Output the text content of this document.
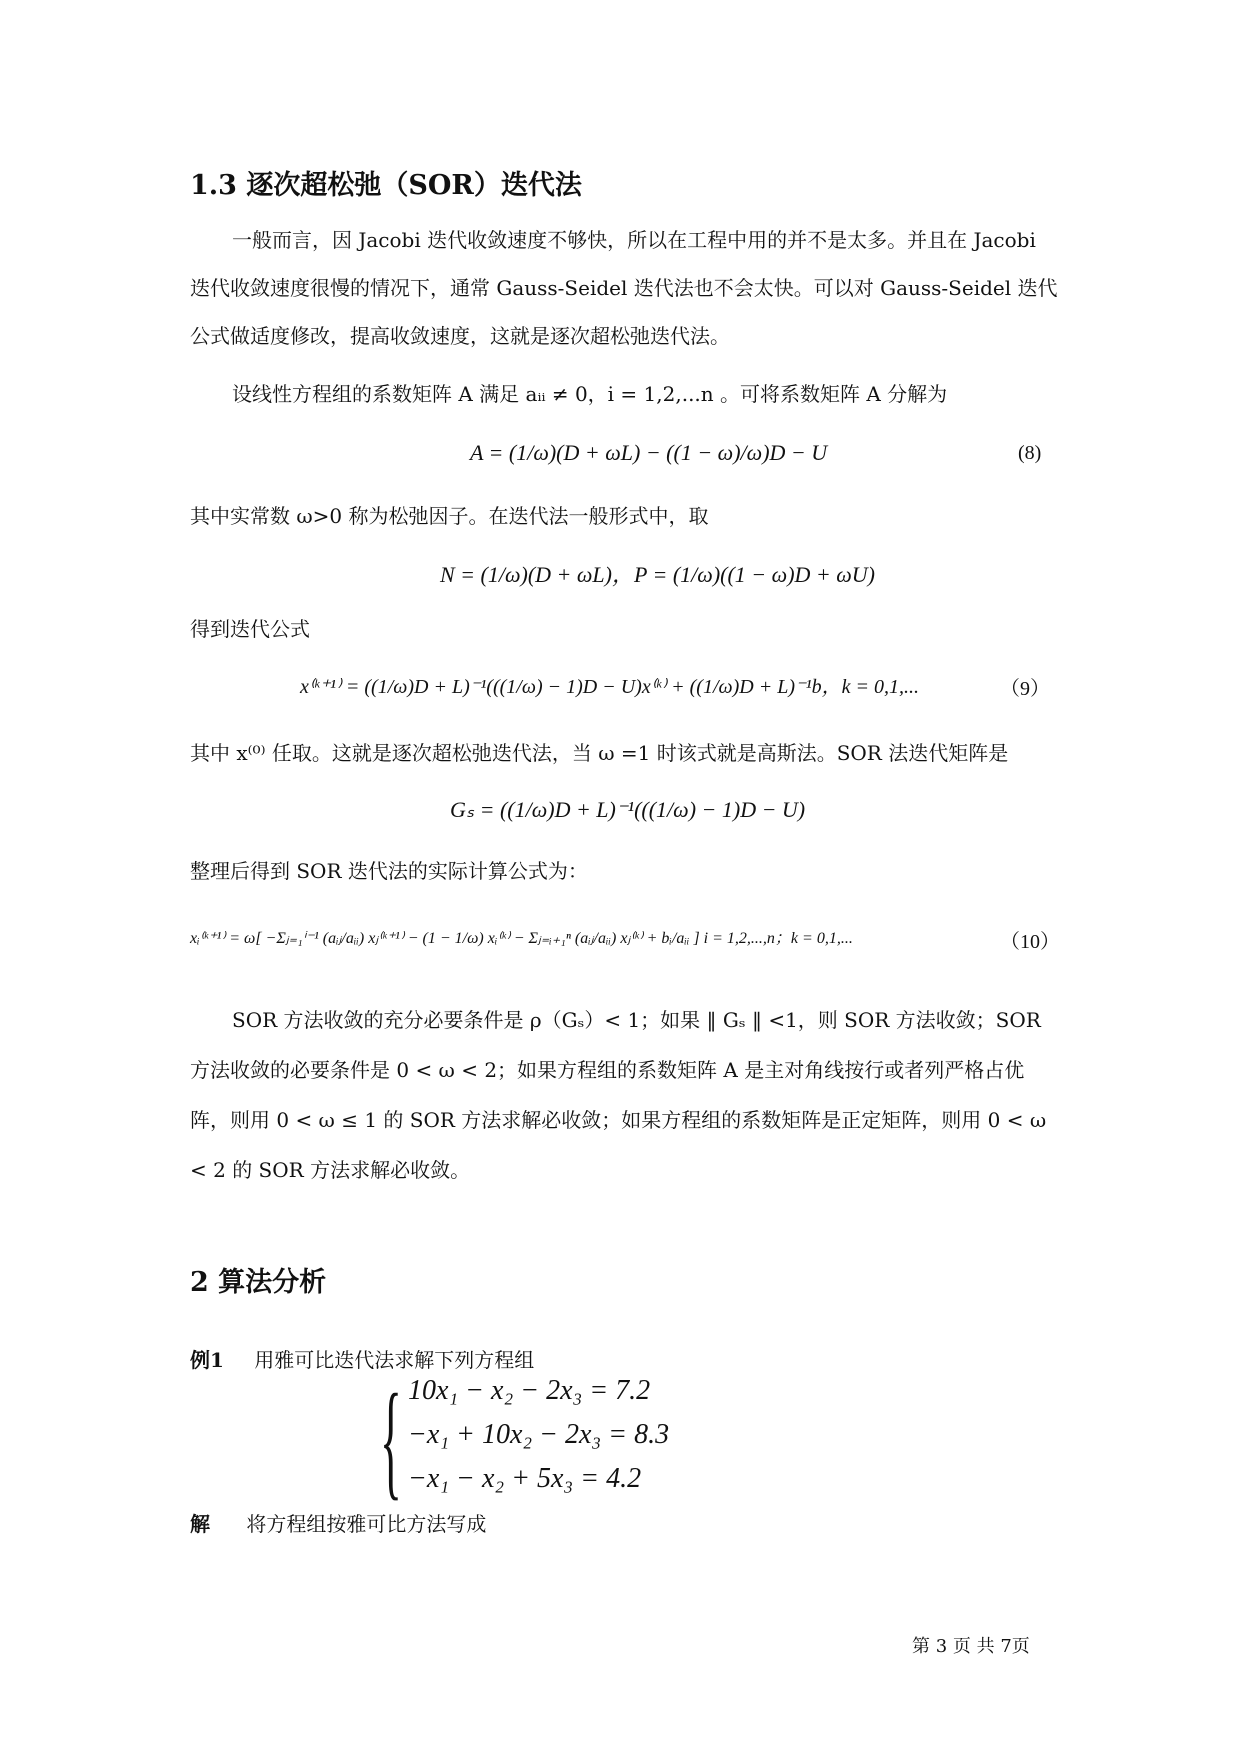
1.3 逐次超松弛（SOR）迭代法
一般而言，因 Jacobi 迭代收敛速度不够快，所以在工程中用的并不是太多。并且在 Jacobi 迭代收敛速度很慢的情况下，通常 Gauss-Seidel 迭代法也不会太快。可以对 Gauss-Seidel 迭代公式做适度修改，提高收敛速度，这就是逐次超松弛迭代法。
设线性方程组的系数矩阵 A 满足 aᵢᵢ ≠ 0，i = 1,2,...n 。可将系数矩阵 A 分解为
A = (1/ω)(D + ωL) − ((1 − ω)/ω)D − U	(8)
其中实常数 ω>0 称为松弛因子。在迭代法一般形式中，取
N = (1/ω)(D + ωL)，P = (1/ω)((1 − ω)D + ωU)
得到迭代公式
x⁽ᵏ⁺¹⁾ = ((1/ω)D + L)⁻¹(((1/ω) − 1)D − U)x⁽ᵏ⁾ + ((1/ω)D + L)⁻¹b，k = 0,1,...	（9）
其中 x⁽⁰⁾ 任取。这就是逐次超松弛迭代法，当 ω =1 时该式就是高斯法。SOR 法迭代矩阵是
Gₛ = ((1/ω)D + L)⁻¹(((1/ω) − 1)D − U)
整理后得到 SOR 迭代法的实际计算公式为：
xᵢ⁽ᵏ⁺¹⁾ = ω[ −Σⱼ₌₁ⁱ⁻¹ (aᵢⱼ/aᵢᵢ) xⱼ⁽ᵏ⁺¹⁾ − (1 − 1/ω) xᵢ⁽ᵏ⁾ − Σⱼ₌ᵢ₊₁ⁿ (aᵢⱼ/aᵢᵢ) xⱼ⁽ᵏ⁾ + bᵢ/aᵢᵢ ] i = 1,2,...,n；k = 0,1,...	（10）
SOR 方法收敛的充分必要条件是 ρ（Gₛ）< 1；如果 ‖ Gₛ ‖ <1，则 SOR 方法收敛；SOR 方法收敛的必要条件是 0 < ω < 2；如果方程组的系数矩阵 A 是主对角线按行或者列严格占优阵，则用 0 < ω ≤ 1 的 SOR 方法求解必收敛；如果方程组的系数矩阵是正定矩阵，则用 0 < ω < 2 的 SOR 方法求解必收敛。
2 算法分析
例1 用雅可比迭代法求解下列方程组
{ 10x₁ − x₂ − 2x₃ = 7.2
−x₁ + 10x₂ − 2x₃ = 8.3
−x₁ − x₂ + 5x₃ = 4.2
解 将方程组按雅可比方法写成
第 3 页 共 7页
